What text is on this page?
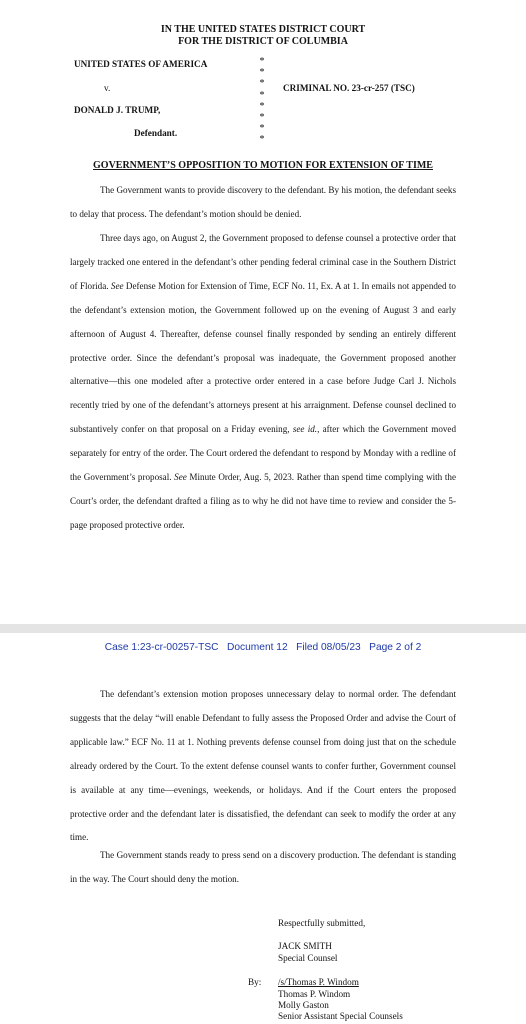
IN THE UNITED STATES DISTRICT COURT
FOR THE DISTRICT OF COLUMBIA
UNITED STATES OF AMERICA
v.	CRIMINAL NO. 23-cr-257 (TSC)
DONALD J. TRUMP,
Defendant.
*
*
*
*
*
*
*
*
GOVERNMENT’S OPPOSITION TO MOTION FOR EXTENSION OF TIME
The Government wants to provide discovery to the defendant. By his motion, the defendant seeks to delay that process. The defendant’s motion should be denied.
Three days ago, on August 2, the Government proposed to defense counsel a protective order that largely tracked one entered in the defendant’s other pending federal criminal case in the Southern District of Florida. See Defense Motion for Extension of Time, ECF No. 11, Ex. A at 1. In emails not appended to the defendant’s extension motion, the Government followed up on the evening of August 3 and early afternoon of August 4. Thereafter, defense counsel finally responded by sending an entirely different protective order. Since the defendant’s proposal was inadequate, the Government proposed another alternative—this one modeled after a protective order entered in a case before Judge Carl J. Nichols recently tried by one of the defendant’s attorneys present at his arraignment. Defense counsel declined to substantively confer on that proposal on a Friday evening, see id., after which the Government moved separately for entry of the order. The Court ordered the defendant to respond by Monday with a redline of the Government’s proposal. See Minute Order, Aug. 5, 2023. Rather than spend time complying with the Court’s order, the defendant drafted a filing as to why he did not have time to review and consider the 5-page proposed protective order.
Case 1:23-cr-00257-TSC   Document 12   Filed 08/05/23   Page 2 of 2
The defendant’s extension motion proposes unnecessary delay to normal order. The defendant suggests that the delay “will enable Defendant to fully assess the Proposed Order and advise the Court of applicable law.” ECF No. 11 at 1. Nothing prevents defense counsel from doing just that on the schedule already ordered by the Court. To the extent defense counsel wants to confer further, Government counsel is available at any time—evenings, weekends, or holidays. And if the Court enters the proposed protective order and the defendant later is dissatisfied, the defendant can seek to modify the order at any time.
The Government stands ready to press send on a discovery production. The defendant is standing in the way. The Court should deny the motion.
Respectfully submitted,
JACK SMITH
Special Counsel
By: /s/Thomas P. Windom
Thomas P. Windom
Molly Gaston
Senior Assistant Special Counsels
